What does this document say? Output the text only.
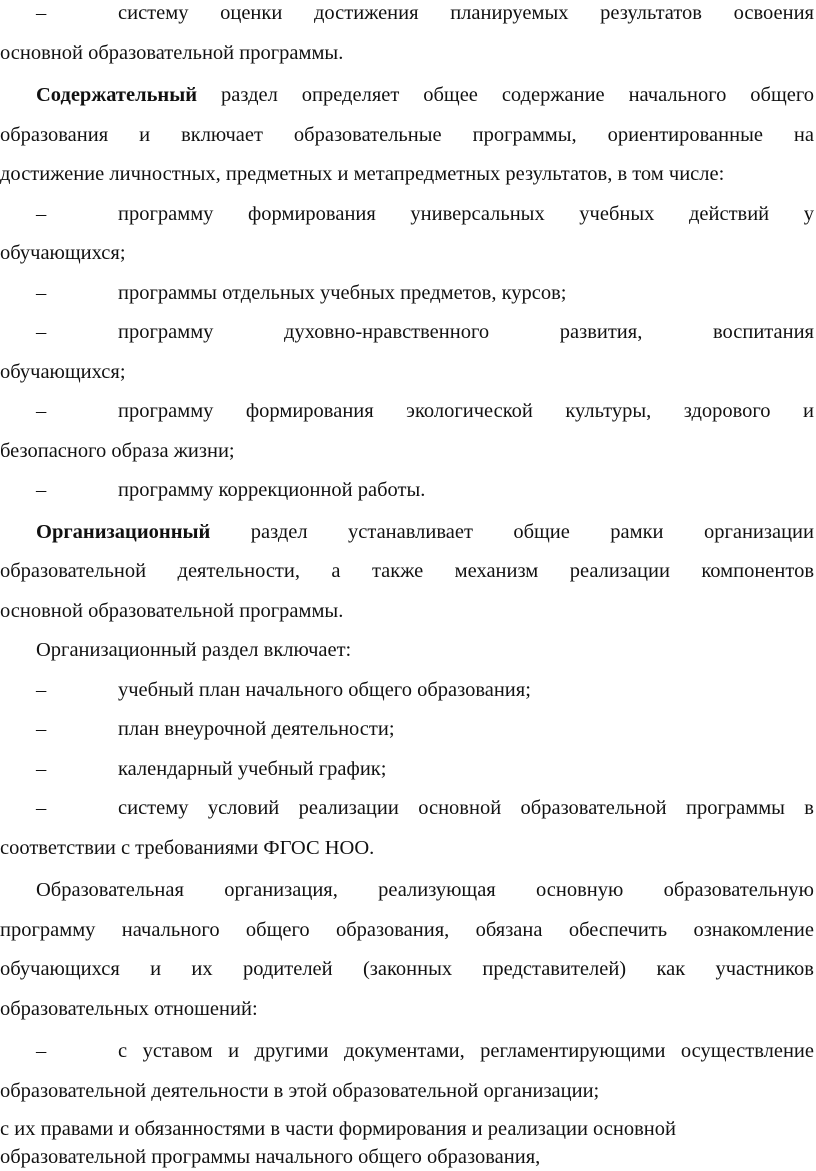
–	систему оценки достижения планируемых результатов освоения
основной образовательной программы.
Содержательный раздел определяет общее содержание начального общего
образования и включает образовательные программы, ориентированные на
достижение личностных, предметных и метапредметных результатов, в том числе:
–	программу формирования универсальных учебных действий у
обучающихся;
–	программы отдельных учебных предметов, курсов;
–	программу духовно-нравственного развития, воспитания
обучающихся;
–	программу формирования экологической культуры, здорового и
безопасного образа жизни;
–	программу коррекционной работы.
Организационный раздел устанавливает общие рамки организации
образовательной деятельности, а также механизм реализации компонентов
основной образовательной программы.
Организационный раздел включает:
–	учебный план начального общего образования;
–	план внеурочной деятельности;
–	календарный учебный график;
–	систему условий реализации основной образовательной программы в
соответствии с требованиями ФГОС НОО.
Образовательная организация, реализующая основную образовательную
программу начального общего образования, обязана обеспечить ознакомление
обучающихся и их родителей (законных представителей) как участников
образовательных отношений:
–	с уставом и другими документами, регламентирующими осуществление
образовательной деятельности в этой образовательной организации;
с их правами и обязанностями в части формирования и реализации основной
образовательной программы начального общего образования,
